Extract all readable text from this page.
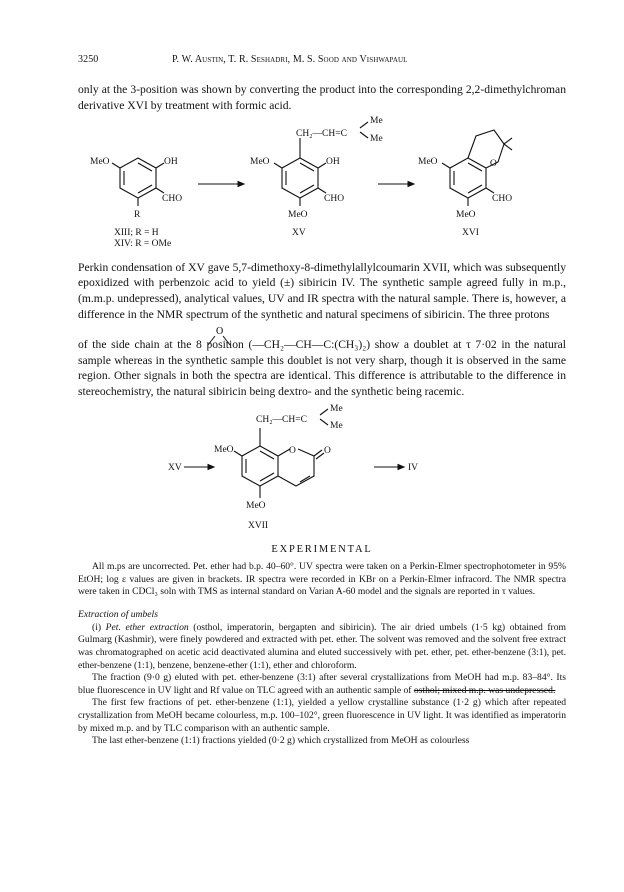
3250	P. W. Austin, T. R. Seshadri, M. S. Sood and Vishwapaul

only at the 3-position was shown by converting the product into the corresponding 2,2-dimethylchroman derivative XVI by treatment with formic acid.

MeO	OH
CHO
R
CH₂—CH=C
Me
Me
MeO	OH
CHO
MeO
O
MeO
CHO
MeO
XIII; R = H
XIV: R = OMe
XV	XVI

Perkin condensation of XV gave 5,7-dimethoxy-8-dimethylallylcoumarin XVII, which was subsequently epoxidized with perbenzoic acid to yield (±) sibiricin IV. The synthetic sample agreed fully in m.p., (m.m.p. undepressed), analytical values, UV and IR spectra with the natural sample. There is, however, a difference in the NMR spectrum of the synthetic and natural specimens of sibiricin. The three protons

O

of the side chain at the 8 position (—CH₂—CH—C:(CH₃)₂) show a doublet at τ 7·02 in the natural sample whereas in the synthetic sample this doublet is not very sharp, though it is observed in the same region. Other signals in both the spectra are identical. This difference is attributable to the difference in stereochemistry, the natural sibiricin being dextro- and the synthetic being racemic.

CH₂—CH=C
Me
Me
O	O
MeO
MeO
XV	IV
XVII
EXPERIMENTAL

All m.ps are uncorrected. Pet. ether had b.p. 40–60°. UV spectra were taken on a Perkin-Elmer spectrophotometer in 95% EtOH; log ε values are given in brackets. IR spectra were recorded in KBr on a Perkin-Elmer infracord. The NMR spectra were taken in CDCl₃ soln with TMS as internal standard on Varian A-60 model and the signals are reported in τ values.

Extraction of umbels

(i) Pet. ether extraction (osthol, imperatorin, bergapten and sibiricin). The air dried umbels (1·5 kg) obtained from Gulmarg (Kashmir), were finely powdered and extracted with pet. ether. The solvent was removed and the solvent free extract was chromatographed on acetic acid deactivated alumina and eluted successively with pet. ether, pet. ether-benzene (3:1), pet. ether-benzene (1:1), benzene, benzene-ether (1:1), ether and chloroform.

The fraction (9·0 g) eluted with pet. ether-benzene (3:1) after several crystallizations from MeOH had m.p. 83–84°. Its blue fluorescence in UV light and Rf value on TLC agreed with an authentic sample of osthol; mixed m.p. was undepressed.

The first few fractions of pet. ether-benzene (1:1), yielded a yellow crystalline substance (1·2 g) which after repeated crystallization from MeOH became colourless, m.p. 100–102°, green fluorescence in UV light. It was identified as imperatorin by mixed m.p. and by TLC comparison with an authentic sample.

The last ether-benzene (1:1) fractions yielded (0·2 g) which crystallized from MeOH as colourless
